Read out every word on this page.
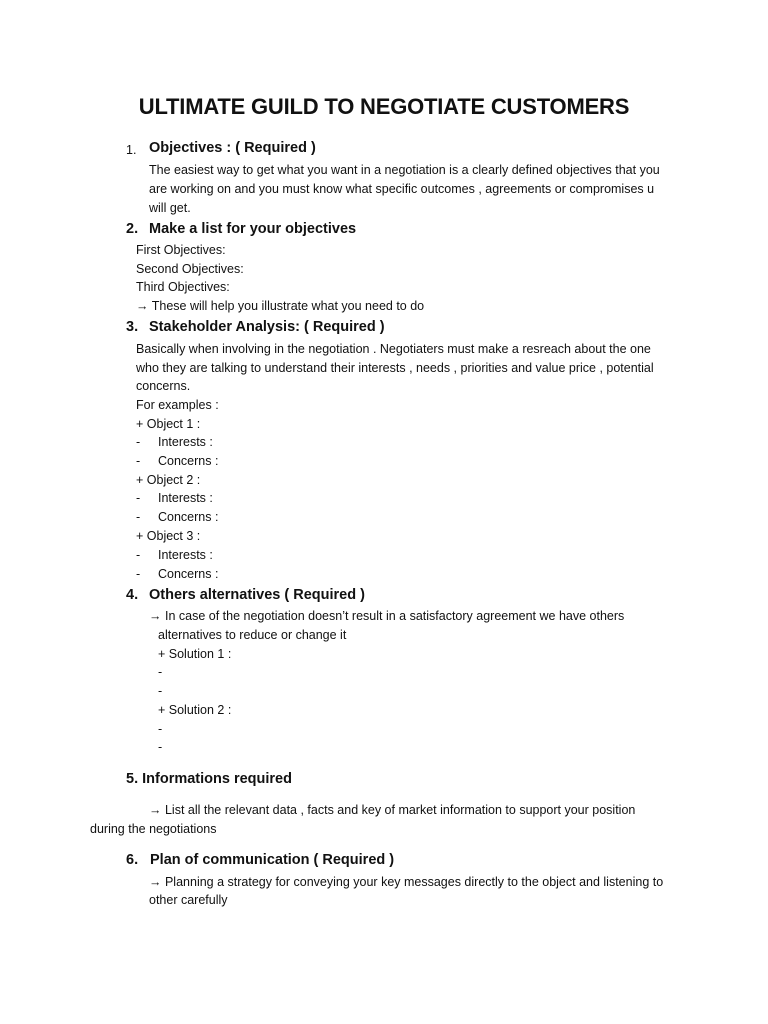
ULTIMATE GUILD TO NEGOTIATE CUSTOMERS
1. Objectives : ( Required )
The easiest way to get what you want in a negotiation is a clearly defined objectives that you
are working on and you must know what specific outcomes , agreements or compromises u
will get.
2. Make a list for your objectives
First Objectives:
Second Objectives:
Third Objectives:
→ These will help you illustrate what you need to do
3. Stakeholder Analysis: ( Required )
Basically when involving in the negotiation . Negotiaters must make a resreach about the one
who they are talking to understand their interests , needs , priorities and value price , potential
concerns.
For examples :
+ Object 1 :
- Interests :
- Concerns :
+ Object 2 :
- Interests :
- Concerns :
+ Object 3 :
- Interests :
- Concerns :
4. Others alternatives ( Required )
→ In case of the negotiation doesn’t result in a satisfactory agreement we have others
alternatives to reduce or change it
+ Solution 1 :
-
-
+ Solution 2 :
-
-
5. Informations required
→ List all the relevant data , facts and key of market information to support your position
during the negotiations
6. Plan of communication ( Required )
→ Planning a strategy for conveying your key messages directly to the object and listening to
other carefully
